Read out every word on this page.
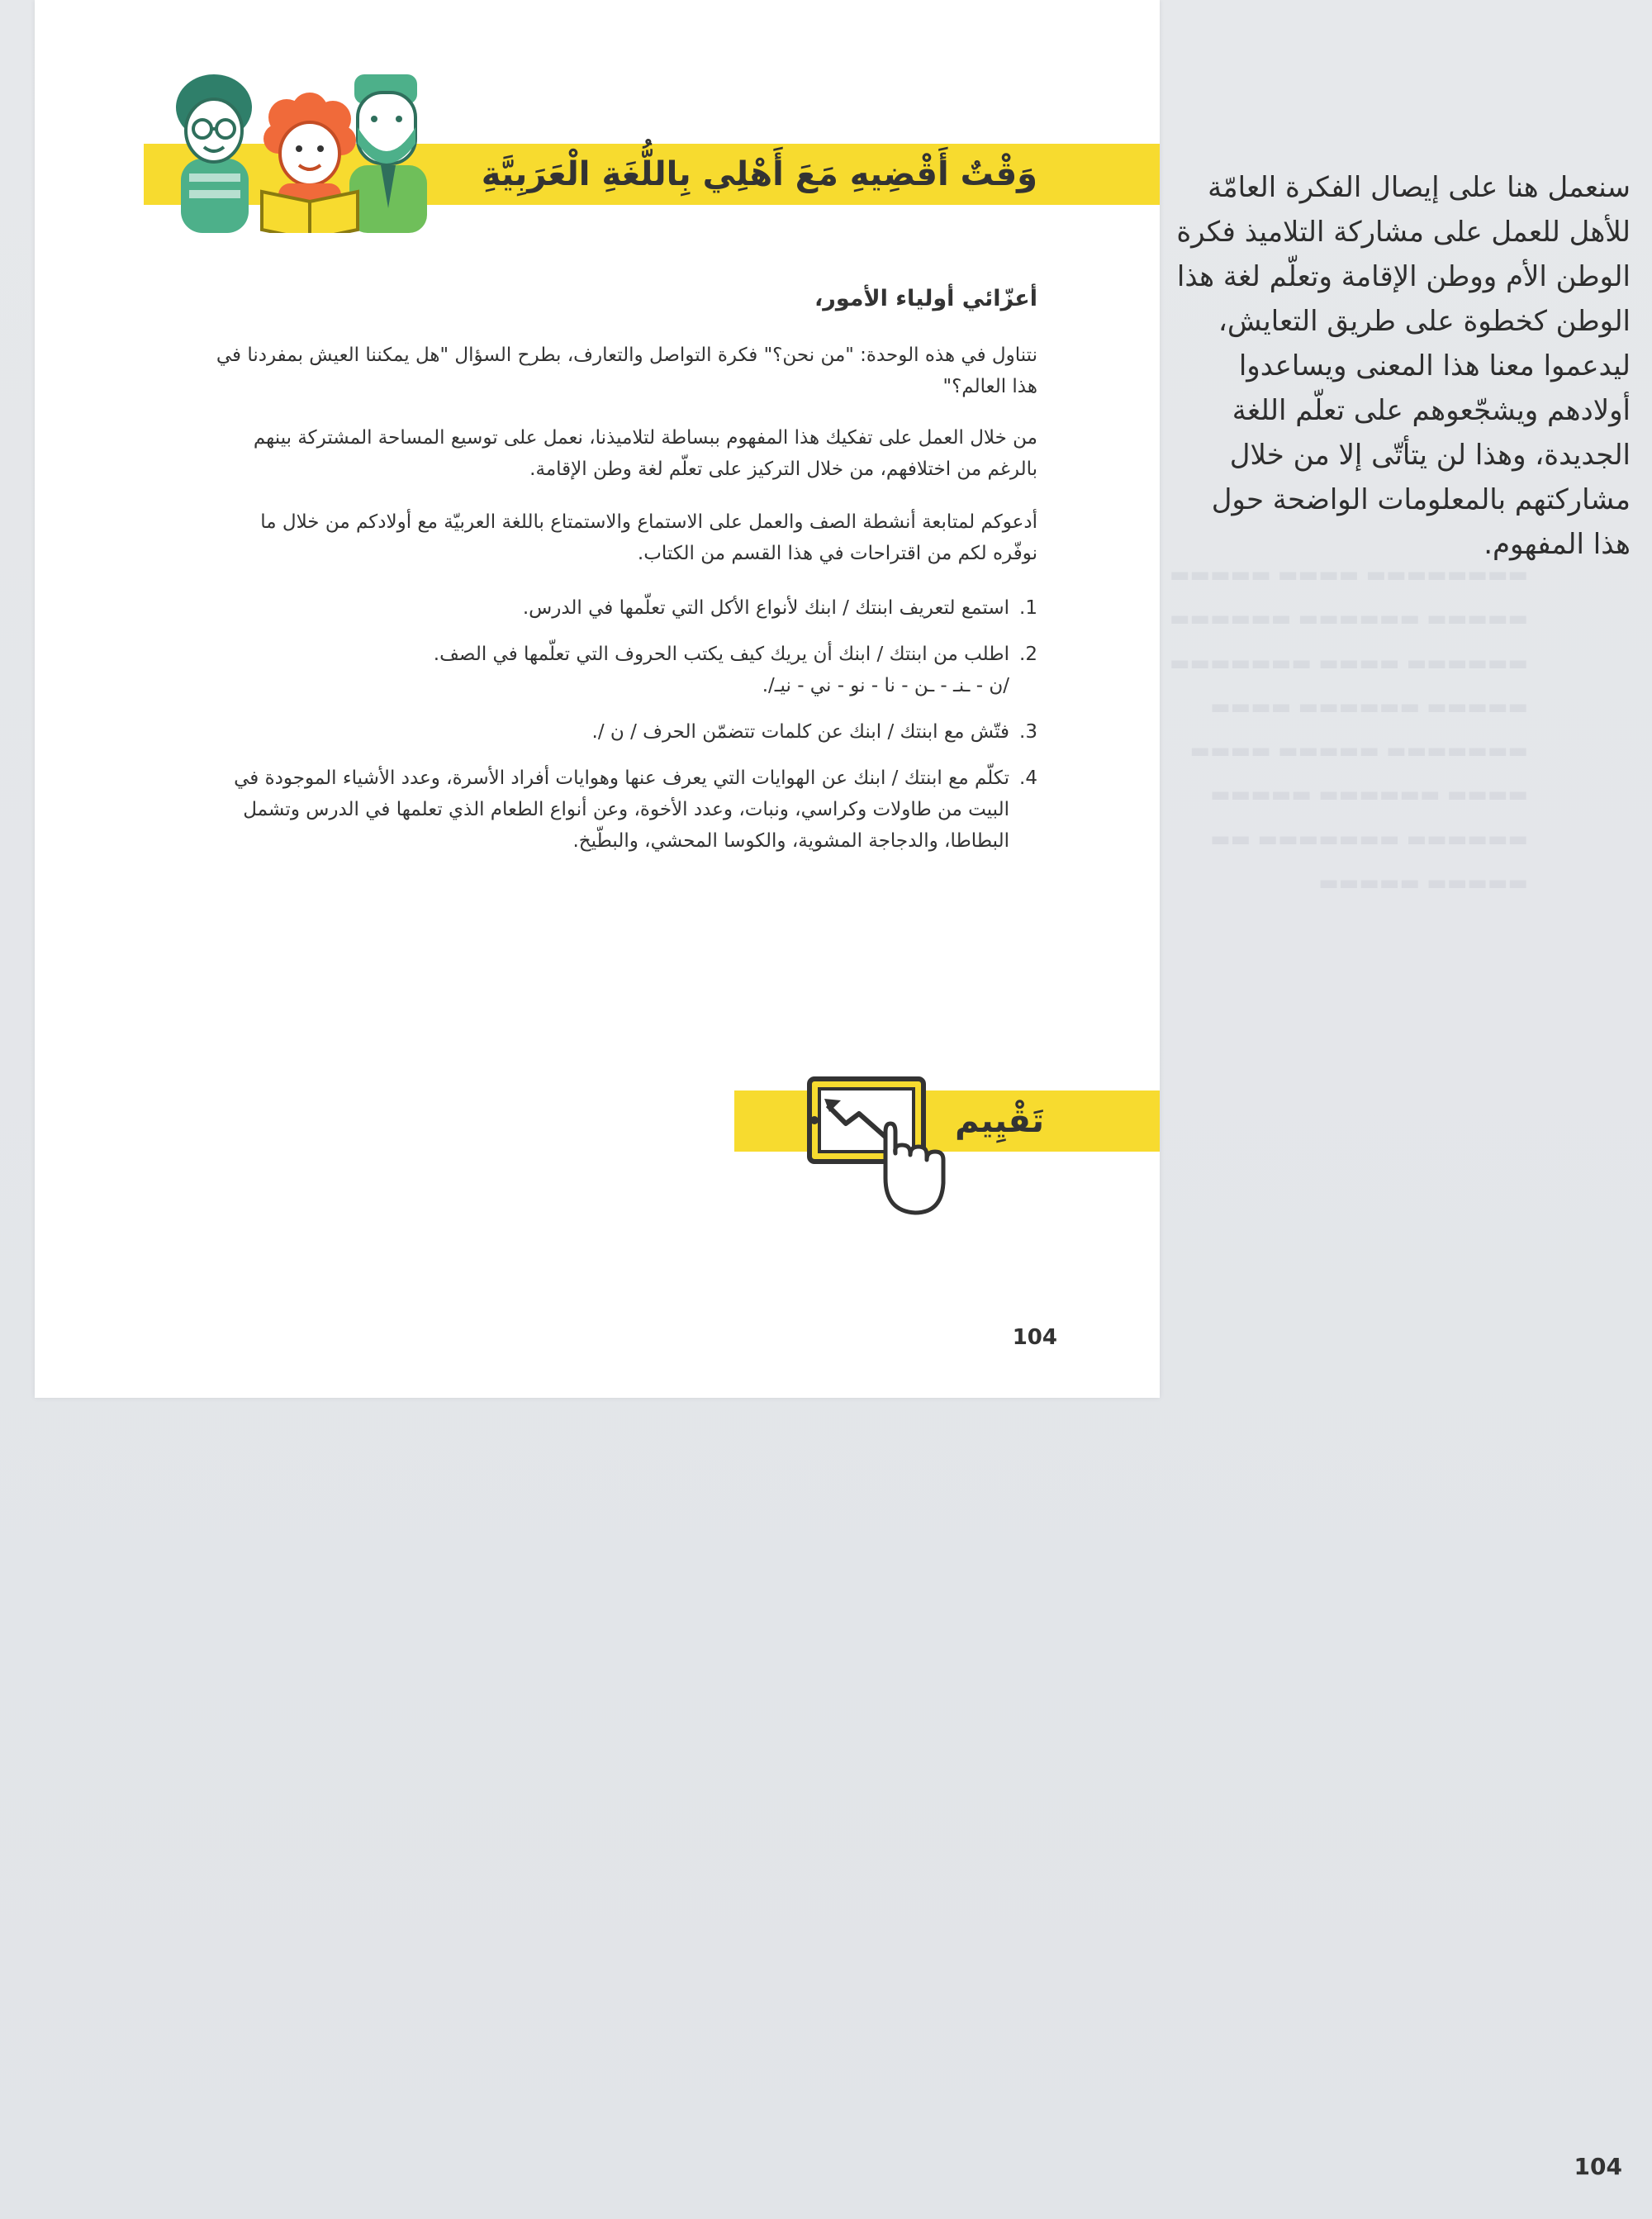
وَقْتٌ أَقْضِيهِ مَعَ أَهْلِي بِاللُّغَةِ الْعَرَبِيَّةِ
أعزّائي أولياء الأمور،
نتناول في هذه الوحدة: "من نحن؟" فكرة التواصل والتعارف، بطرح السؤال "هل يمكننا العيش بمفردنا في هذا العالم؟"
من خلال العمل على تفكيك هذا المفهوم ببساطة لتلاميذنا، نعمل على توسيع المساحة المشتركة بينهم بالرغم من اختلافهم، من خلال التركيز على تعلّم لغة وطن الإقامة.
أدعوكم لمتابعة أنشطة الصف والعمل على الاستماع والاستمتاع باللغة العربيّة مع أولادكم من خلال ما نوفّره لكم من اقتراحات في هذا القسم من الكتاب.
1.
استمع لتعريف ابنتك / ابنك لأنواع الأكل التي تعلّمها في الدرس.
2.
اطلب من ابنتك / ابنك أن يريك كيف يكتب الحروف التي تعلّمها في الصف.
/ن - ـنـ - ـن - نا - نو - ني - نيـ/.
3.
فتّش مع ابنتك / ابنك عن كلمات تتضمّن الحرف / ن /.
4.
تكلّم مع ابنتك / ابنك عن الهوايات التي يعرف عنها وهوايات أفراد الأسرة، وعدد الأشياء الموجودة في البيت من طاولات وكراسي، ونبات، وعدد الأخوة، وعن أنواع الطعام الذي تعلمها في الدرس وتشمل البطاطا، والدجاجة المشوية، والكوسا المحشي، والبطّيخ.
تَقْيِيم
104
▬▬▬▬▬▬▬▬ ▬▬▬▬ ▬▬▬▬▬
▬▬▬▬▬ ▬▬▬▬▬▬ ▬▬▬▬▬▬
▬▬▬▬▬▬ ▬▬▬▬ ▬▬▬▬▬▬▬
▬▬▬▬▬ ▬▬▬▬▬▬ ▬▬▬▬
▬▬▬▬▬▬▬ ▬▬▬▬▬ ▬▬▬▬
▬▬▬▬ ▬▬▬▬▬▬ ▬▬▬▬▬
▬▬▬▬▬▬ ▬▬▬▬▬▬▬ ▬▬
▬▬▬▬▬ ▬▬▬▬▬
سنعمل هنا على إيصال الفكرة العامّة للأهل للعمل على مشاركة التلاميذ فكرة الوطن الأم ووطن الإقامة وتعلّم لغة هذا الوطن كخطوة على طريق التعايش، ليدعموا معنا هذا المعنى ويساعدوا أولادهم ويشجّعوهم على تعلّم اللغة الجديدة، وهذا لن يتأتّى إلا من خلال مشاركتهم بالمعلومات الواضحة حول هذا المفهوم.
104
